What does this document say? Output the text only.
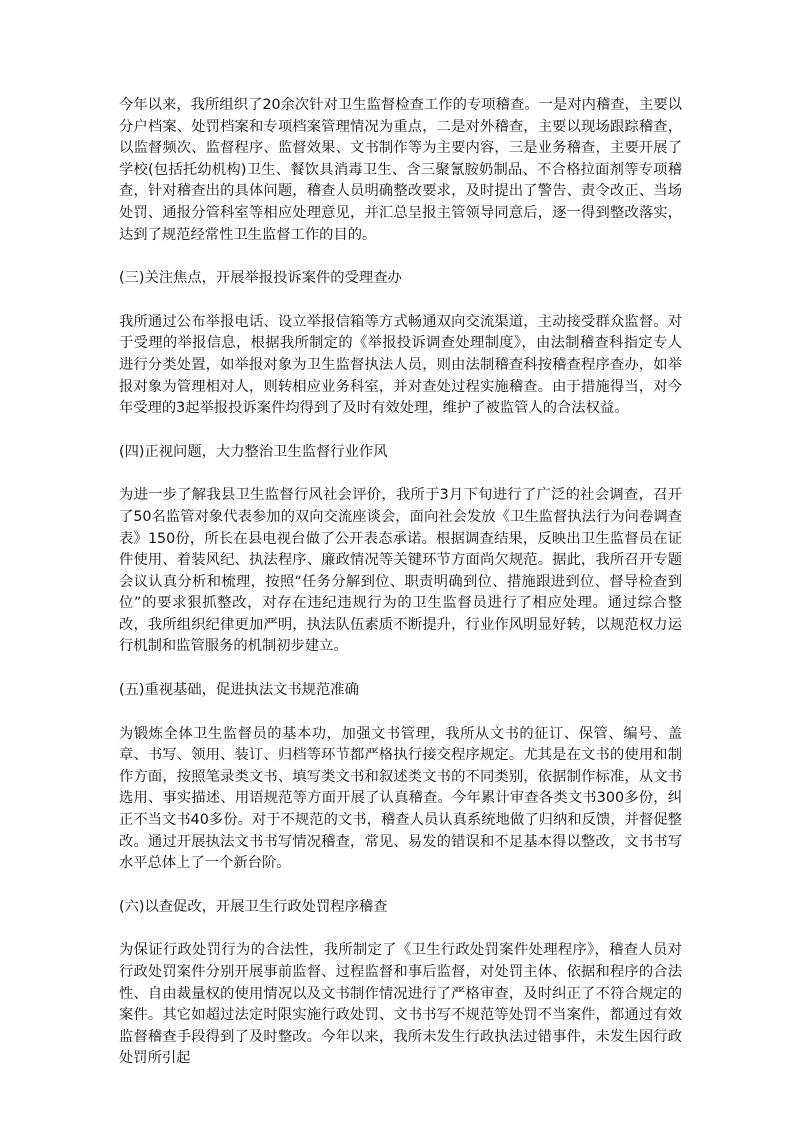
今年以来，我所组织了20余次针对卫生监督检查工作的专项稽查。一是对内稽查，主要以分户档案、处罚档案和专项档案管理情况为重点，二是对外稽查，主要以现场跟踪稽查，以监督频次、监督程序、监督效果、文书制作等为主要内容，三是业务稽查，主要开展了学校(包括托幼机构)卫生、餐饮具消毒卫生、含三聚氰胺奶制品、不合格拉面剂等专项稽查，针对稽查出的具体问题，稽查人员明确整改要求，及时提出了警告、责令改正、当场处罚、通报分管科室等相应处理意见，并汇总呈报主管领导同意后，逐一得到整改落实，达到了规范经常性卫生监督工作的目的。

(三)关注焦点，开展举报投诉案件的受理查办

我所通过公布举报电话、设立举报信箱等方式畅通双向交流渠道，主动接受群众监督。对于受理的举报信息，根据我所制定的《举报投诉调查处理制度》，由法制稽查科指定专人进行分类处置，如举报对象为卫生监督执法人员，则由法制稽查科按稽查程序查办，如举报对象为管理相对人，则转相应业务科室，并对查处过程实施稽查。由于措施得当，对今年受理的3起举报投诉案件均得到了及时有效处理，维护了被监管人的合法权益。

(四)正视问题，大力整治卫生监督行业作风

为进一步了解我县卫生监督行风社会评价，我所于3月下旬进行了广泛的社会调查，召开了50名监管对象代表参加的双向交流座谈会，面向社会发放《卫生监督执法行为问卷调查表》150份，所长在县电视台做了公开表态承诺。根据调查结果，反映出卫生监督员在证件使用、着装风纪、执法程序、廉政情况等关键环节方面尚欠规范。据此，我所召开专题会议认真分析和梳理，按照“任务分解到位、职责明确到位、措施跟进到位、督导检查到位”的要求狠抓整改，对存在违纪违规行为的卫生监督员进行了相应处理。通过综合整改，我所组织纪律更加严明，执法队伍素质不断提升，行业作风明显好转，以规范权力运行机制和监管服务的机制初步建立。

(五)重视基础，促进执法文书规范准确

为锻炼全体卫生监督员的基本功，加强文书管理，我所从文书的征订、保管、编号、盖章、书写、领用、装订、归档等环节都严格执行接交程序规定。尤其是在文书的使用和制作方面，按照笔录类文书、填写类文书和叙述类文书的不同类别，依据制作标准，从文书选用、事实描述、用语规范等方面开展了认真稽查。今年累计审查各类文书300多份，纠正不当文书40多份。对于不规范的文书，稽查人员认真系统地做了归纳和反馈，并督促整改。通过开展执法文书书写情况稽查，常见、易发的错误和不足基本得以整改，文书书写水平总体上了一个新台阶。

(六)以查促改，开展卫生行政处罚程序稽查

为保证行政处罚行为的合法性，我所制定了《卫生行政处罚案件处理程序》，稽查人员对行政处罚案件分别开展事前监督、过程监督和事后监督，对处罚主体、依据和程序的合法性、自由裁量权的使用情况以及文书制作情况进行了严格审查，及时纠正了不符合规定的案件。其它如超过法定时限实施行政处罚、文书书写不规范等处罚不当案件，都通过有效监督稽查手段得到了及时整改。今年以来，我所未发生行政执法过错事件，未发生因行政处罚所引起
